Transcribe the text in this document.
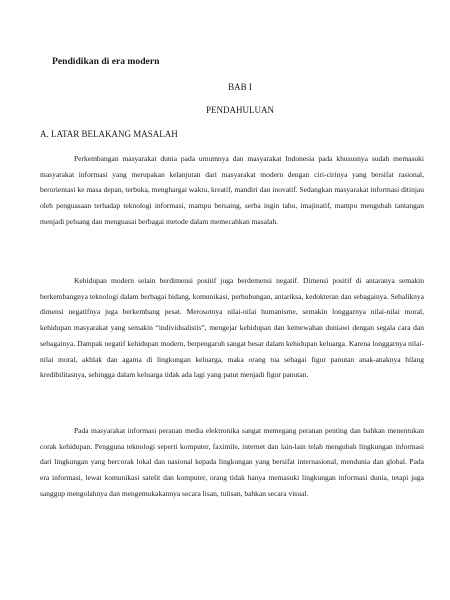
Pendidikan di era modern
BAB I
PENDAHULUAN
A. LATAR BELAKANG MASALAH

Perkembangan masyarakat dunia pada umumnya dan masyarakat Indonesia pada khususnya sudah memasuki masyarakat informasi yang merupakan kelanjutan dari masyarakat modern dengan ciri-cirinya yang bersifat rasional, berorientasi ke masa depan, terbuka, menghargai waktu, kreatif, mandiri dan inovatif. Sedangkan masyarakat informasi ditinjau oleh penguasaan terhadap teknologi informasi, mampu bersaing, serba ingin tahu, imajinatif, mampu mengubah tantangan menjadi peluang dan menguasai berbagai metode dalam memecahkan masalah.

Kehidupan modern selain berdimensi positif juga berdemensi negatif. Dimensi positif di antaranya semakin berkembangnya teknologi dalam berbagai bidang, komunikasi, perhubungan, antariksa, kedokteran dan sebagainya. Sebaliknya dimensi negatifnya juga berkembang pesat. Merosotnya nilai-nilai humanisme, semakin longgarnya nilai-nilai moral, kehidupan masyarakat yang semakin “individualistis”, mengejar kehidupan dan kemewahan duniawi dengan segala cara dan sebagainya. Dampak negatif kehidupan modern, berpengaruh sangat besar dalam kehidupan keluarga. Karena longgarnya nilai-nilai moral, akhlak dan agama di lingkungan keluarga, maka orang tua sebagai figur panutan anak-anaknya hilang kredibilitasnya, sehingga dalam keluarga tidak ada lagi yang patut menjadi figur panutan.

Pada masyarakat informasi peranan media elektronika sangat memegang peranan penting dan bahkan menentukan corak kehidupan. Pengguna teknologi seperti komputer, faximile, internet dan lain-lain telah mengubah lingkungan informasi dari lingkungan yang bercorak lokal dan nasional kepada lingkungan yang bersifat internasional, mendunia dan global. Pada era informasi, lewat komunikasi satelit dan komputer, orang tidak hanya memasuki lingkungan informasi dunia, tetapi juga sanggup mengolahnya dan mengemukakannya secara lisan, tulisan, bahkan secara visual.
